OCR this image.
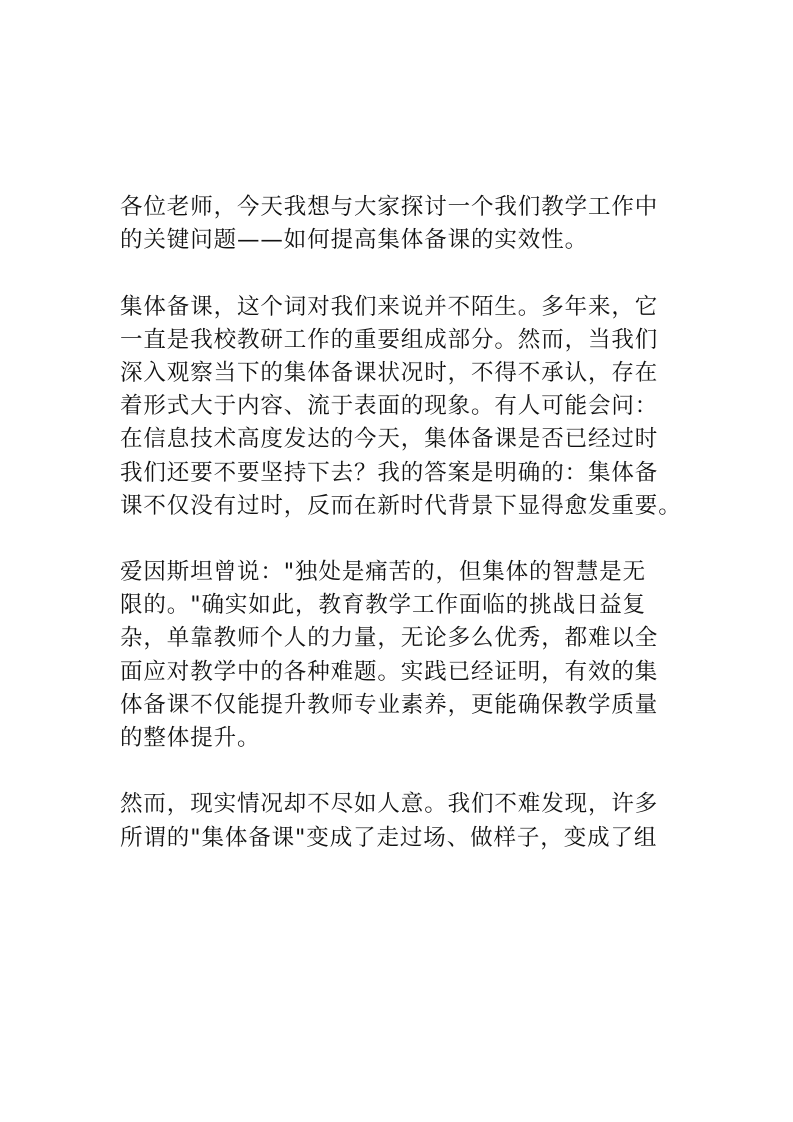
各位老师，今天我想与大家探讨一个我们教学工作中
的关键问题——如何提高集体备课的实效性。

集体备课，这个词对我们来说并不陌生。多年来，它
一直是我校教研工作的重要组成部分。然而，当我们
深入观察当下的集体备课状况时，不得不承认，存在
着形式大于内容、流于表面的现象。有人可能会问：
在信息技术高度发达的今天，集体备课是否已经过时
我们还要不要坚持下去？我的答案是明确的：集体备
课不仅没有过时，反而在新时代背景下显得愈发重要。

爱因斯坦曾说："独处是痛苦的，但集体的智慧是无
限的。"确实如此，教育教学工作面临的挑战日益复
杂，单靠教师个人的力量，无论多么优秀，都难以全
面应对教学中的各种难题。实践已经证明，有效的集
体备课不仅能提升教师专业素养，更能确保教学质量
的整体提升。

然而，现实情况却不尽如人意。我们不难发现，许多
所谓的"集体备课"变成了走过场、做样子，变成了组
